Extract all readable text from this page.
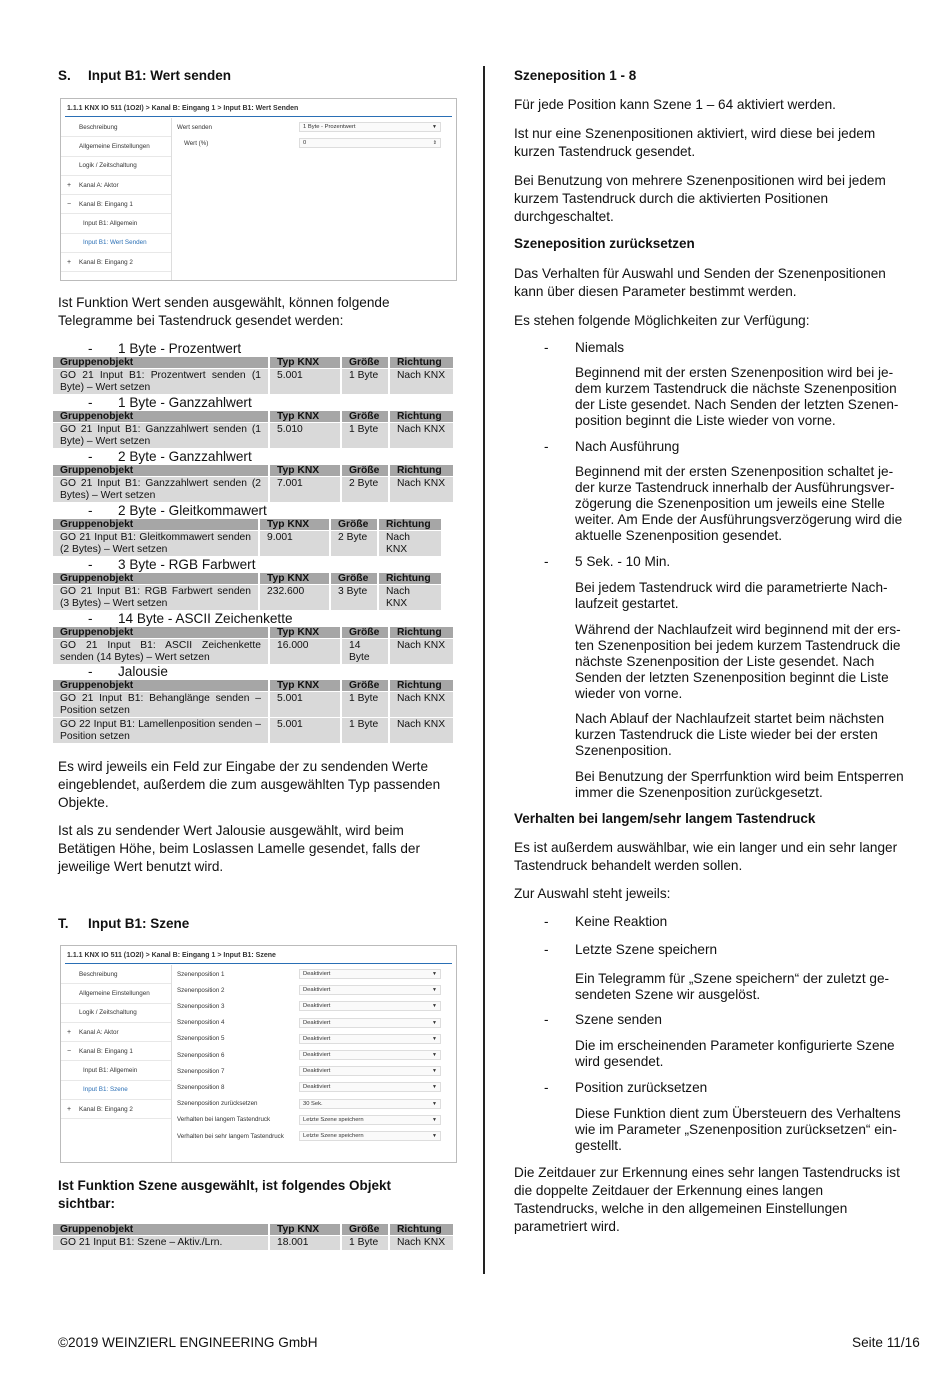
S. Input B1: Wert senden
1.1.1 KNX IO 511 (1O2I) > Kanal B: Eingang 1 > Input B1: Wert Senden
Beschreibung
Allgemeine Einstellungen
Logik / Zeitschaltung
+ Kanal A: Aktor
− Kanal B: Eingang 1
Input B1: Allgemein
Input B1: Wert Senden
+ Kanal B: Eingang 2
Wert senden	1 Byte - Prozentwert	▼
Wert (%)	0	⇕

Ist Funktion Wert senden ausgewählt, können folgende Telegramme bei Tastendruck gesendet werden:

- 1 Byte - Prozentwert
Gruppenobjekt	Typ KNX	Größe	Richtung
GO 21 Input B1: Prozentwert senden (1 Byte) – Wert setzen	5.001	1 Byte	Nach KNX
- 1 Byte - Ganzzahlwert
Gruppenobjekt	Typ KNX	Größe	Richtung
GO 21 Input B1: Ganzzahlwert senden (1 Byte) – Wert setzen	5.010	1 Byte	Nach KNX
- 2 Byte - Ganzzahlwert
Gruppenobjekt	Typ KNX	Größe	Richtung
GO 21 Input B1: Ganzzahlwert senden (2 Bytes) – Wert setzen	7.001	2 Byte	Nach KNX
- 2 Byte - Gleitkommawert
Gruppenobjekt	Typ KNX	Größe	Richtung
GO 21 Input B1: Gleitkommawert senden (2 Bytes) – Wert setzen	9.001	2 Byte	Nach KNX
- 3 Byte - RGB Farbwert
Gruppenobjekt	Typ KNX	Größe	Richtung
GO 21 Input B1: RGB Farbwert senden (3 Bytes) – Wert setzen	232.600	3 Byte	Nach KNX
- 14 Byte - ASCII Zeichenkette
Gruppenobjekt	Typ KNX	Größe	Richtung
GO 21 Input B1: ASCII Zeichenkette senden (14 Bytes) – Wert setzen	16.000	14 Byte	Nach KNX
- Jalousie
Gruppenobjekt	Typ KNX	Größe	Richtung
GO 21 Input B1: Behanglänge senden – Position setzen	5.001	1 Byte	Nach KNX
GO 22 Input B1: Lamellenposition senden – Position setzen	5.001	1 Byte	Nach KNX

Es wird jeweils ein Feld zur Eingabe der zu sendenden Werte eingeblendet, außerdem die zum ausgewählten Typ passenden Objekte.

Ist als zu sendender Wert Jalousie ausgewählt, wird beim Betätigen Höhe, beim Loslassen Lamelle gesendet, falls der jeweilige Wert benutzt wird.

T. Input B1: Szene
1.1.1 KNX IO 511 (1O2I) > Kanal B: Eingang 1 > Input B1: Szene
Beschreibung
Allgemeine Einstellungen
Logik / Zeitschaltung
+ Kanal A: Aktor
− Kanal B: Eingang 1
Input B1: Allgemein
Input B1: Szene
+ Kanal B: Eingang 2
Szenenposition 1	Deaktiviert	▼
Szenenposition 2	Deaktiviert	▼
Szenenposition 3	Deaktiviert	▼
Szenenposition 4	Deaktiviert	▼
Szenenposition 5	Deaktiviert	▼
Szenenposition 6	Deaktiviert	▼
Szenenposition 7	Deaktiviert	▼
Szenenposition 8	Deaktiviert	▼
Szenenposition zurücksetzen	30 Sek.	▼
Verhalten bei langem Tastendruck	Letzte Szene speichern	▼
Verhalten bei sehr langem Tastendruck	Letzte Szene speichern	▼

Ist Funktion Szene ausgewählt, ist folgendes Objekt sichtbar:

Gruppenobjekt	Typ KNX	Größe	Richtung
GO 21 Input B1: Szene – Aktiv./Lrn.	18.001	1 Byte	Nach KNX
Szeneposition 1 - 8

Für jede Position kann Szene 1 – 64 aktiviert werden.

Ist nur eine Szenenpositionen aktiviert, wird diese bei jedem kurzen Tastendruck gesendet.

Bei Benutzung von mehrere Szenenpositionen wird bei jedem kurzem Tastendruck durch die aktivierten Positionen durchgeschaltet.

Szeneposition zurücksetzen

Das Verhalten für Auswahl und Senden der Szenenpositionen kann über diesen Parameter bestimmt werden.

Es stehen folgende Möglichkeiten zur Verfügung:

- Niemals
Beginnend mit der ersten Szenenposition wird bei je-dem kurzem Tastendruck die nächste Szenenposition der Liste gesendet. Nach Senden der letzten Szenen-position beginnt die Liste wieder von vorne.
- Nach Ausführung
Beginnend mit der ersten Szenenposition schaltet je-der kurze Tastendruck innerhalb der Ausführungsver-zögerung die Szenenposition um jeweils eine Stelle weiter. Am Ende der Ausführungsverzögerung wird die aktuelle Szenenposition gesendet.
- 5 Sek. - 10 Min.
Bei jedem Tastendruck wird die parametrierte Nach-laufzeit gestartet.
Während der Nachlaufzeit wird beginnend mit der ers-ten Szenenposition bei jedem kurzem Tastendruck die nächste Szenenposition der Liste gesendet. Nach Senden der letzten Szenenposition beginnt die Liste wieder von vorne.
Nach Ablauf der Nachlaufzeit startet beim nächsten kurzen Tastendruck die Liste wieder bei der ersten Szenenposition.
Bei Benutzung der Sperrfunktion wird beim Entsperren immer die Szenenposition zurückgesetzt.
Verhalten bei langem/sehr langem Tastendruck

Es ist außerdem auswählbar, wie ein langer und ein sehr langer Tastendruck behandelt werden sollen.

Zur Auswahl steht jeweils:

- Keine Reaktion
- Letzte Szene speichern
Ein Telegramm für „Szene speichern“ der zuletzt ge-sendeten Szene wir ausgelöst.
- Szene senden
Die im erscheinenden Parameter konfigurierte Szene wird gesendet.
- Position zurücksetzen
Diese Funktion dient zum Übersteuern des Verhaltens wie im Parameter „Szenenposition zurücksetzen“ ein-gestellt.

Die Zeitdauer zur Erkennung eines sehr langen Tastendrucks ist die doppelte Zeitdauer der Erkennung eines langen Tastendrucks, welche in den allgemeinen Einstellungen parametriert wird.

©2019 WEINZIERL ENGINEERING GmbH	Seite 11/16
